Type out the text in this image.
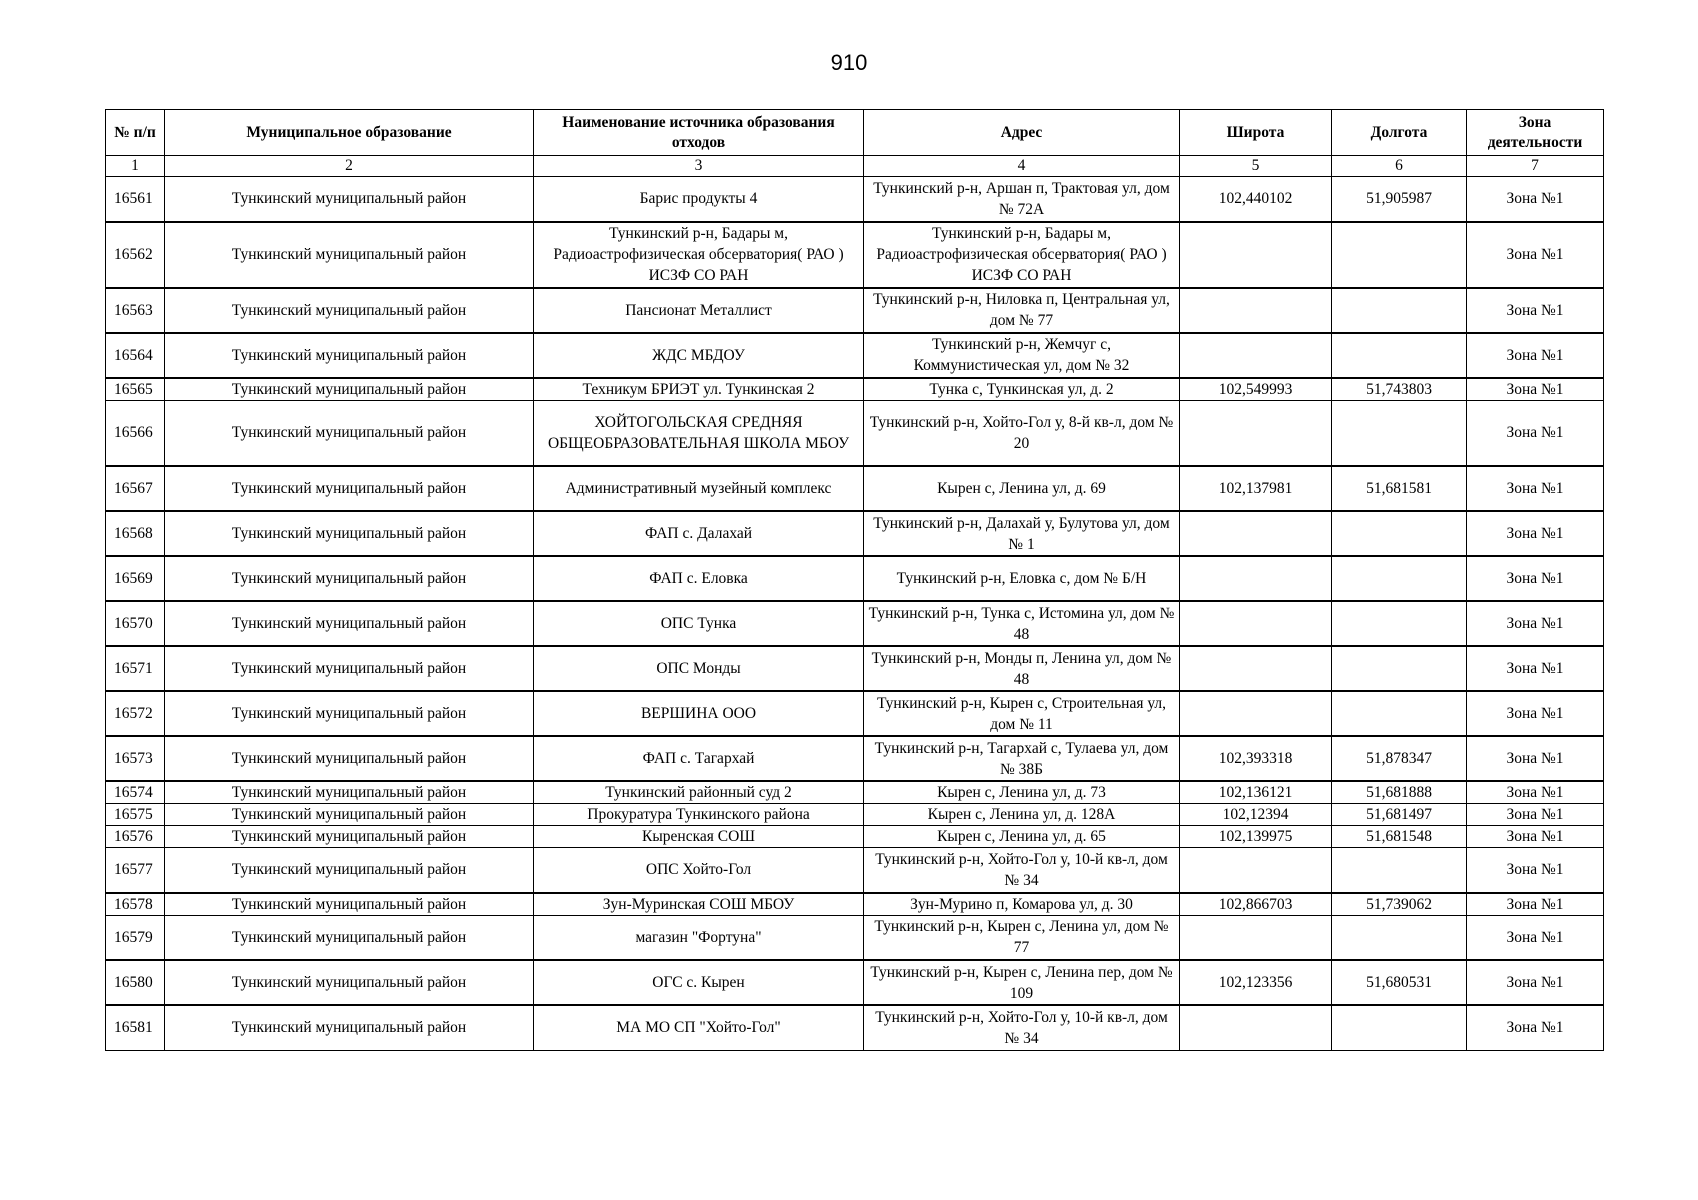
910
№ п/п	Муниципальное образование	Наименование источника образования отходов	Адрес	Широта	Долгота	Зона деятельности
1	2	3	4	5	6	7
16561	Тункинский муниципальный район	Барис продукты 4	Тункинский р-н, Аршан п, Трактовая ул, дом № 72А	102,440102	51,905987	Зона №1
16562	Тункинский муниципальный район	Тункинский р-н, Бадары м, Радиоастрофизическая обсерватория( РАО ) ИСЗФ СО РАН	Тункинский р-н, Бадары м, Радиоастрофизическая обсерватория( РАО ) ИСЗФ СО РАН			Зона №1
16563	Тункинский муниципальный район	Пансионат Металлист	Тункинский р-н, Ниловка п, Центральная ул, дом № 77			Зона №1
16564	Тункинский муниципальный район	ЖДС МБДОУ	Тункинский р-н, Жемчуг с, Коммунистическая ул, дом № 32			Зона №1
16565	Тункинский муниципальный район	Техникум БРИЭТ ул. Тункинская 2	Тунка с, Тункинская ул, д. 2	102,549993	51,743803	Зона №1
16566	Тункинский муниципальный район	ХОЙТОГОЛЬСКАЯ СРЕДНЯЯ ОБЩЕОБРАЗОВАТЕЛЬНАЯ ШКОЛА МБОУ	Тункинский р-н, Хойто-Гол у, 8-й кв-л, дом № 20			Зона №1
16567	Тункинский муниципальный район	Административный музейный комплекс	Кырен с, Ленина ул, д. 69	102,137981	51,681581	Зона №1
16568	Тункинский муниципальный район	ФАП с. Далахай	Тункинский р-н, Далахай у, Булутова ул, дом № 1			Зона №1
16569	Тункинский муниципальный район	ФАП с. Еловка	Тункинский р-н, Еловка с, дом № Б/Н			Зона №1
16570	Тункинский муниципальный район	ОПС Тунка	Тункинский р-н, Тунка с, Истомина ул, дом № 48			Зона №1
16571	Тункинский муниципальный район	ОПС Монды	Тункинский р-н, Монды п, Ленина ул, дом № 48			Зона №1
16572	Тункинский муниципальный район	ВЕРШИНА ООО	Тункинский р-н, Кырен с, Строительная ул, дом № 11			Зона №1
16573	Тункинский муниципальный район	ФАП с. Тагархай	Тункинский р-н, Тагархай с, Тулаева ул, дом № 38Б	102,393318	51,878347	Зона №1
16574	Тункинский муниципальный район	Тункинский районный суд 2	Кырен с, Ленина ул, д. 73	102,136121	51,681888	Зона №1
16575	Тункинский муниципальный район	Прокуратура Тункинского района	Кырен с, Ленина ул, д. 128А	102,12394	51,681497	Зона №1
16576	Тункинский муниципальный район	Кыренская СОШ	Кырен с, Ленина ул, д. 65	102,139975	51,681548	Зона №1
16577	Тункинский муниципальный район	ОПС Хойто-Гол	Тункинский р-н, Хойто-Гол у, 10-й кв-л, дом № 34			Зона №1
16578	Тункинский муниципальный район	Зун-Муринская СОШ МБОУ	Зун-Мурино п, Комарова ул, д. 30	102,866703	51,739062	Зона №1
16579	Тункинский муниципальный район	магазин "Фортуна"	Тункинский р-н, Кырен с, Ленина ул, дом № 77			Зона №1
16580	Тункинский муниципальный район	ОГС с. Кырен	Тункинский р-н, Кырен с, Ленина пер, дом № 109	102,123356	51,680531	Зона №1
16581	Тункинский муниципальный район	МА МО СП "Хойто-Гол"	Тункинский р-н, Хойто-Гол у, 10-й кв-л, дом № 34			Зона №1
